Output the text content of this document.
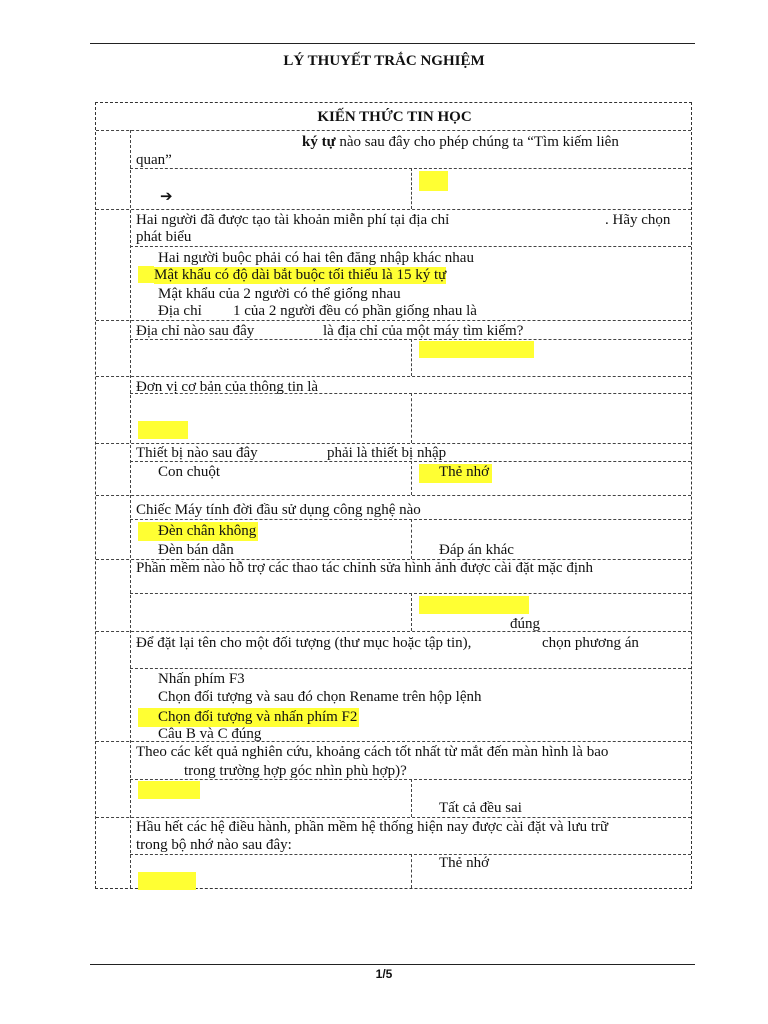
LÝ THUYẾT TRẮC NGHIỆM
KIẾN THỨC TIN HỌC
ký tự nào sau đây cho phép chúng ta “Tìm kiếm liên
quan”
➔
Hai người đã được tạo tài khoản miễn phí tại địa chỉ	. Hãy chọn
phát biểu
Hai người buộc phải có hai tên đăng nhập khác nhau
Mật khẩu có độ dài bắt buộc tối thiểu là 15 ký tự
Mật khẩu của 2 người có thể giống nhau
Địa chỉ 1 của 2 người đều có phần giống nhau là
Địa chỉ nào sau đây	là địa chỉ của một máy tìm kiếm?
Đơn vị cơ bản của thông tin là
Thiết bị nào sau đây	phải là thiết bị nhập
Con chuột	Thẻ nhớ
Chiếc Máy tính đời đầu sử dụng công nghệ nào
Đèn chân không
Đèn bán dẫn	Đáp án khác
Phần mềm nào hỗ trợ các thao tác chỉnh sửa hình ảnh được cài đặt mặc định
đúng
Để đặt lại tên cho một đối tượng (thư mục hoặc tập tin),	chọn phương án
Nhấn phím F3
Chọn đối tượng và sau đó chọn Rename trên hộp lệnh
Chọn đối tượng và nhấn phím F2
Câu B và C đúng
Theo các kết quả nghiên cứu, khoảng cách tốt nhất từ mắt đến màn hình là bao
trong trường hợp góc nhìn phù hợp)?
Tất cả đều sai
Hầu hết các hệ điều hành, phần mềm hệ thống hiện nay được cài đặt và lưu trữ
trong bộ nhớ nào sau đây:
Thẻ nhớ
1/5
